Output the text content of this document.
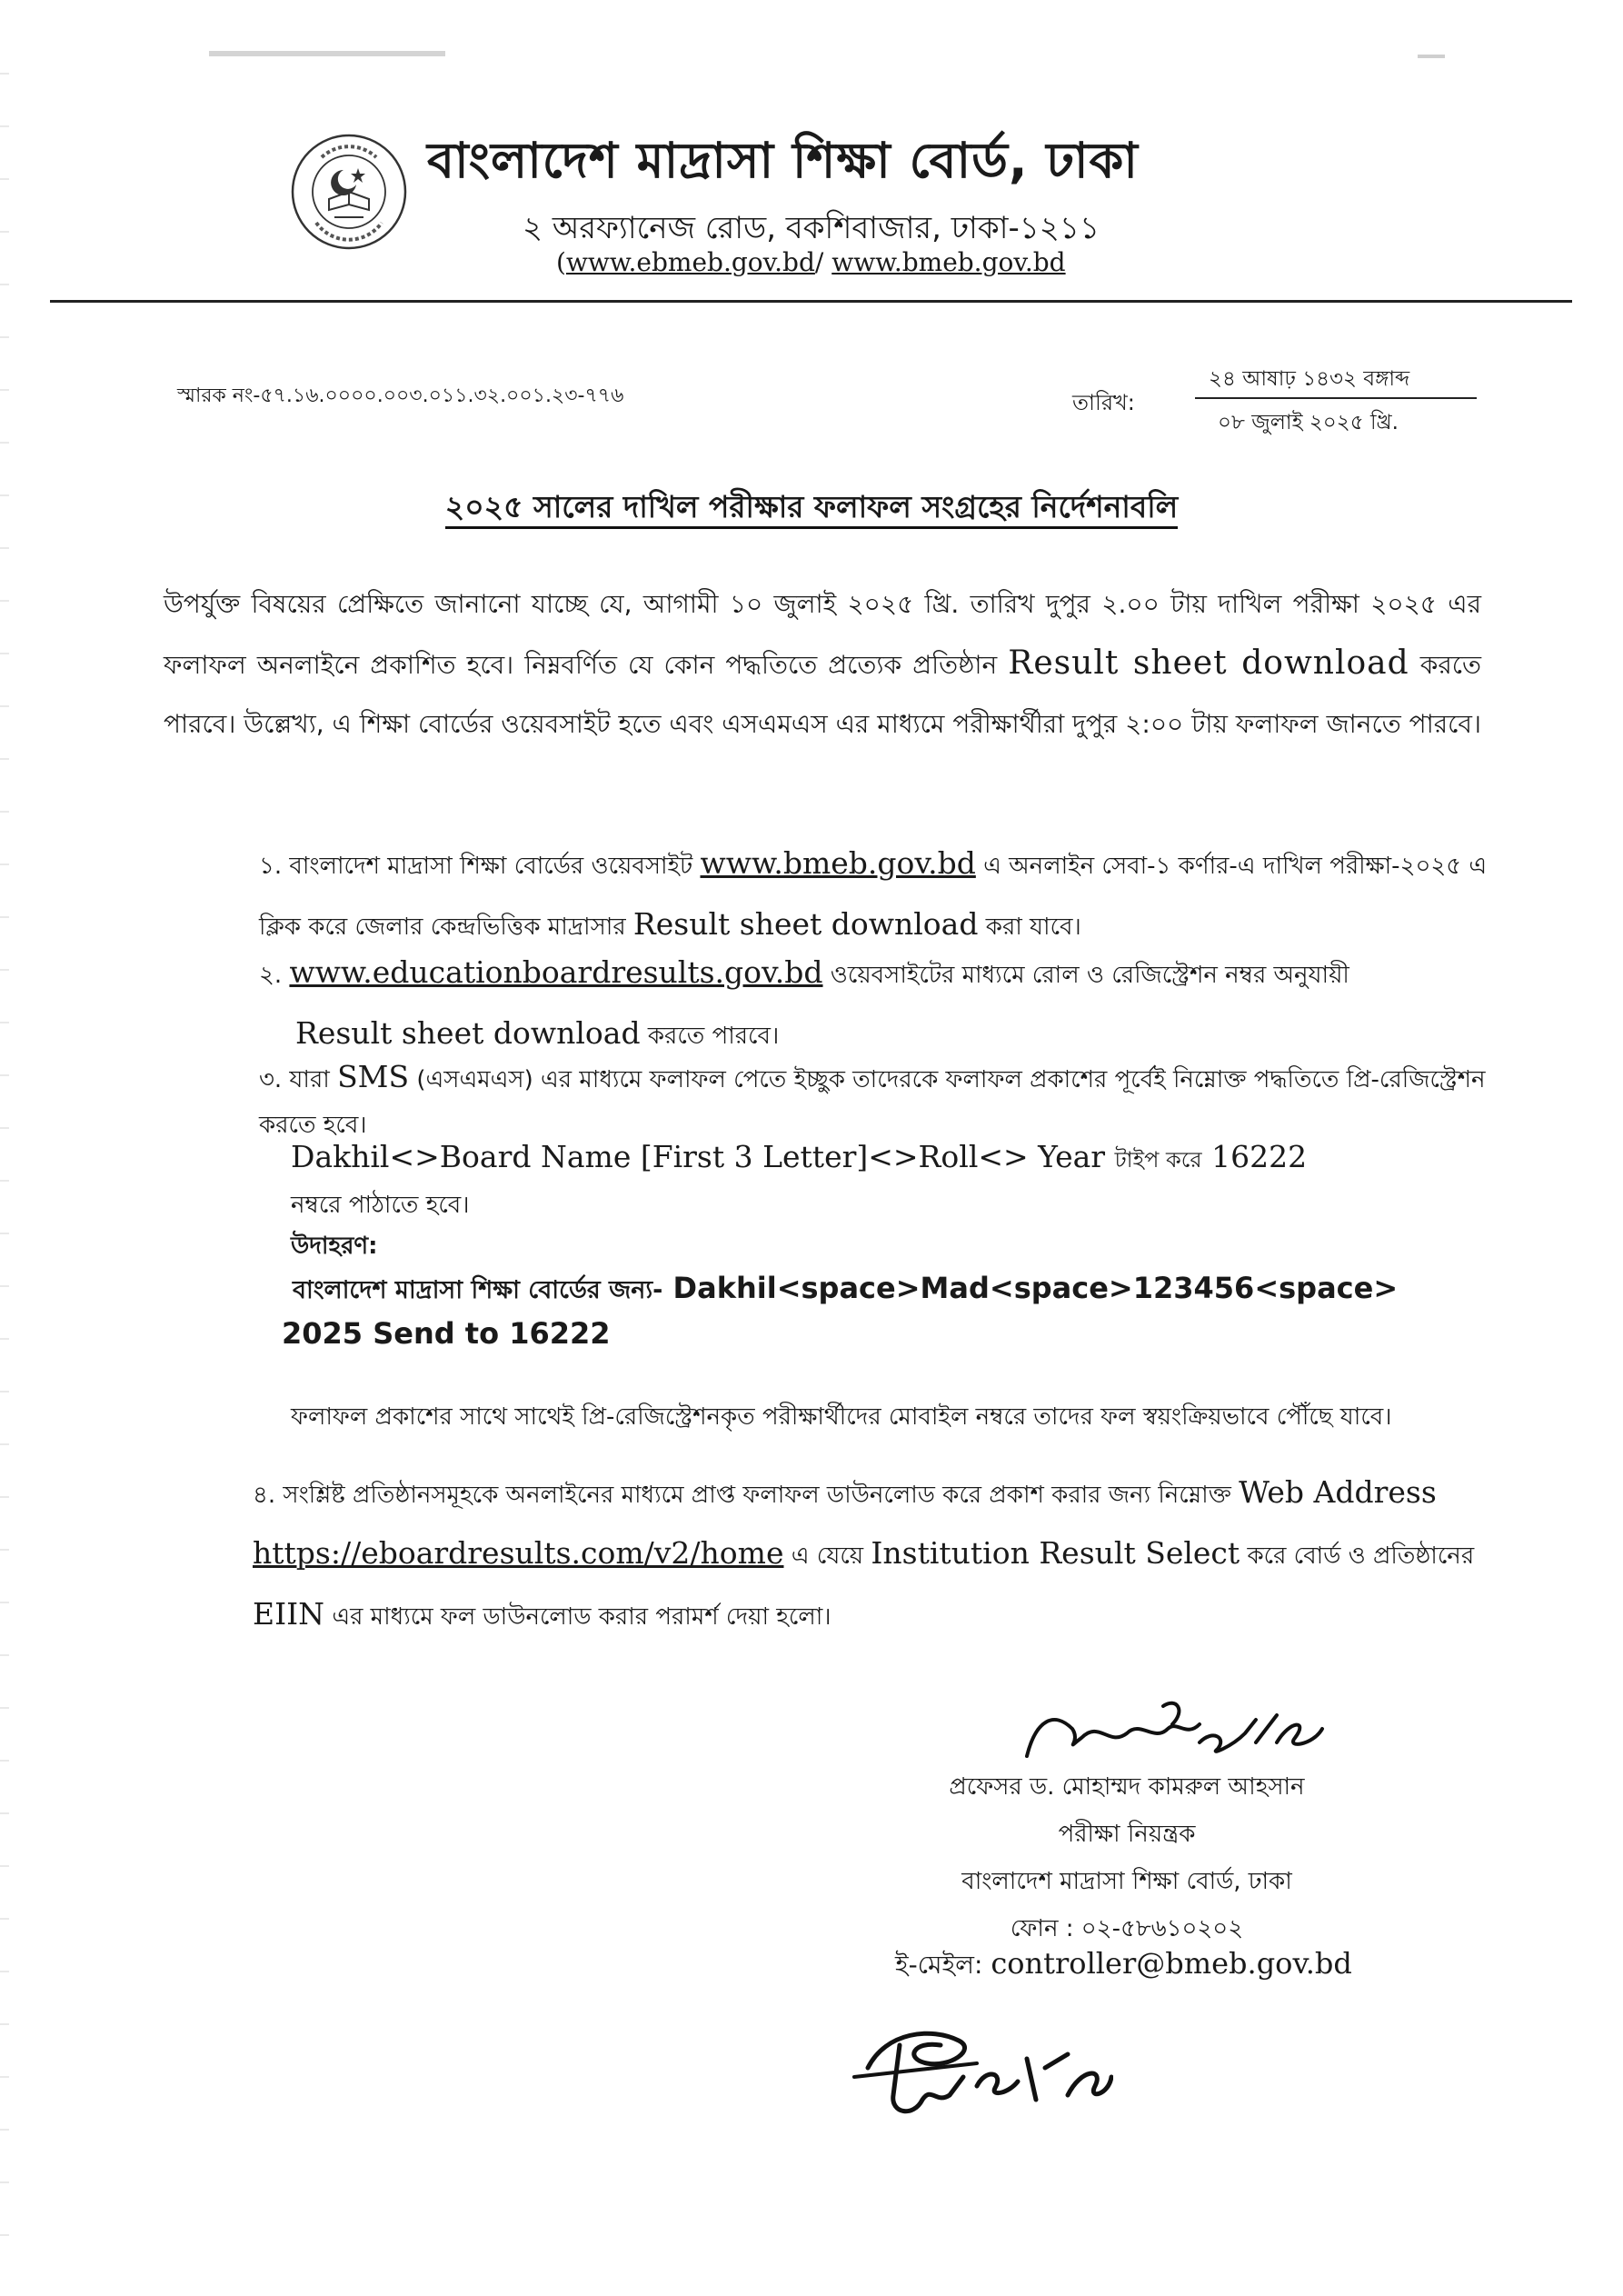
বাংলাদেশ মাদ্রাসা শিক্ষা বোর্ড, ঢাকা
২ অরফ্যানেজ রোড, বকশিবাজার, ঢাকা-১২১১
(www.ebmeb.gov.bd/ www.bmeb.gov.bd
স্মারক নং-৫৭.১৬.০০০০.০০৩.০১১.৩২.০০১.২৩-৭৭৬	তারিখ:
২৪ আষাঢ় ১৪৩২ বঙ্গাব্দ
০৮ জুলাই ২০২৫ খ্রি.
২০২৫ সালের দাখিল পরীক্ষার ফলাফল সংগ্রহের নির্দেশনাবলি
উপর্যুক্ত বিষয়ের প্রেক্ষিতে জানানো যাচ্ছে যে, আগামী ১০ জুলাই ২০২৫ খ্রি. তারিখ দুপুর ২.০০ টায় দাখিল পরীক্ষা ২০২৫ এর ফলাফল অনলাইনে প্রকাশিত হবে। নিম্নবর্ণিত যে কোন পদ্ধতিতে প্রত্যেক প্রতিষ্ঠান Result sheet download করতে পারবে। উল্লেখ্য, এ শিক্ষা বোর্ডের ওয়েবসাইট হতে এবং এসএমএস এর মাধ্যমে পরীক্ষার্থীরা দুপুর ২:০০ টায় ফলাফল জানতে পারবে।
১. বাংলাদেশ মাদ্রাসা শিক্ষা বোর্ডের ওয়েবসাইট www.bmeb.gov.bd এ অনলাইন সেবা-১ কর্ণার-এ দাখিল পরীক্ষা-২০২৫ এ ক্লিক করে জেলার কেন্দ্রভিত্তিক মাদ্রাসার Result sheet download করা যাবে।
২. www.educationboardresults.gov.bd ওয়েবসাইটের মাধ্যমে রোল ও রেজিস্ট্রেশন নম্বর অনুযায়ী
Result sheet download করতে পারবে।
৩. যারা SMS (এসএমএস) এর মাধ্যমে ফলাফল পেতে ইচ্ছুক তাদেরকে ফলাফল প্রকাশের পূর্বেই নিম্নোক্ত পদ্ধতিতে প্রি-রেজিস্ট্রেশন করতে হবে।
Dakhil<>Board Name [First 3 Letter]<>Roll<> Year টাইপ করে 16222
নম্বরে পাঠাতে হবে।
উদাহরণ:
বাংলাদেশ মাদ্রাসা শিক্ষা বোর্ডের জন্য- Dakhil<space>Mad<space>123456<space>
2025 Send to 16222
ফলাফল প্রকাশের সাথে সাথেই প্রি-রেজিস্ট্রেশনকৃত পরীক্ষার্থীদের মোবাইল নম্বরে তাদের ফল স্বয়ংক্রিয়ভাবে পৌঁছে যাবে।
৪. সংশ্লিষ্ট প্রতিষ্ঠানসমূহকে অনলাইনের মাধ্যমে প্রাপ্ত ফলাফল ডাউনলোড করে প্রকাশ করার জন্য নিম্নোক্ত Web Address https://eboardresults.com/v2/home এ যেয়ে Institution Result Select করে বোর্ড ও প্রতিষ্ঠানের EIIN এর মাধ্যমে ফল ডাউনলোড করার পরামর্শ দেয়া হলো।
প্রফেসর ড. মোহাম্মদ কামরুল আহসান
পরীক্ষা নিয়ন্ত্রক
বাংলাদেশ মাদ্রাসা শিক্ষা বোর্ড, ঢাকা
ফোন : ০২-৫৮৬১০২০২
ই-মেইল: controller@bmeb.gov.bd
